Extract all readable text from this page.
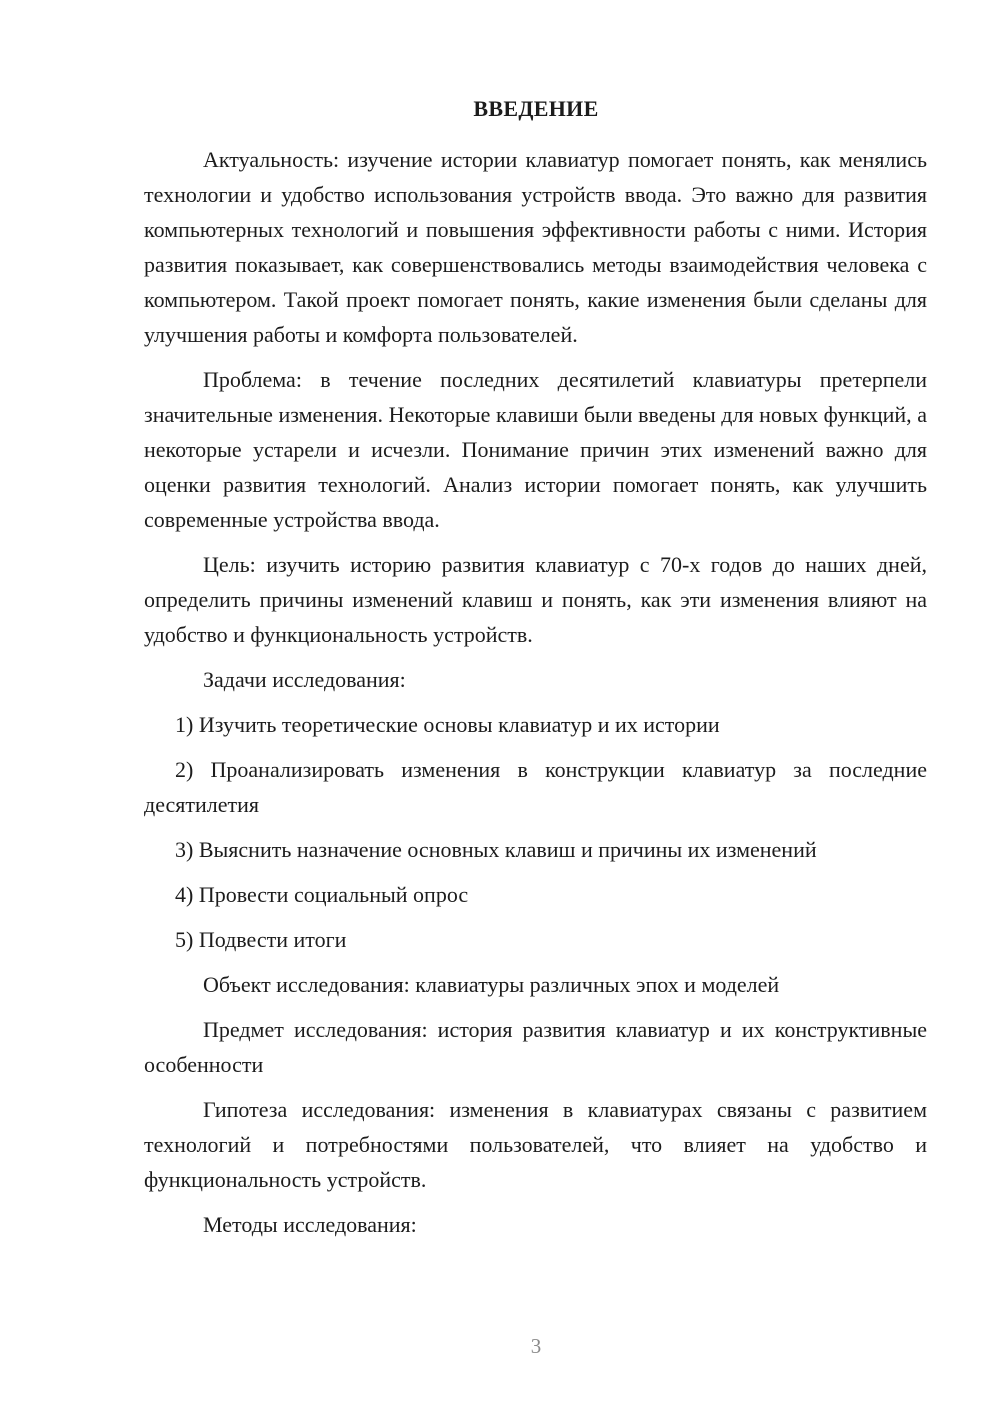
ВВЕДЕНИЕ

Актуальность: изучение истории клавиатур помогает понять, как менялись технологии и удобство использования устройств ввода. Это важно для развития компьютерных технологий и повышения эффективности работы с ними. История развития показывает, как совершенствовались методы взаимодействия человека с компьютером. Такой проект помогает понять, какие изменения были сделаны для улучшения работы и комфорта пользователей.

Проблема: в течение последних десятилетий клавиатуры претерпели значительные изменения. Некоторые клавиши были введены для новых функций, а некоторые устарели и исчезли. Понимание причин этих изменений важно для оценки развития технологий. Анализ истории помогает понять, как улучшить современные устройства ввода.

Цель: изучить историю развития клавиатур с 70-х годов до наших дней, определить причины изменений клавиш и понять, как эти изменения влияют на удобство и функциональность устройств.

Задачи исследования:

1) Изучить теоретические основы клавиатур и их истории

2) Проанализировать изменения в конструкции клавиатур за последние десятилетия

3) Выяснить назначение основных клавиш и причины их изменений

4) Провести социальный опрос

5) Подвести итоги

Объект исследования: клавиатуры различных эпох и моделей

Предмет исследования: история развития клавиатур и их конструктивные особенности

Гипотеза исследования: изменения в клавиатурах связаны с развитием технологий и потребностями пользователей, что влияет на удобство и функциональность устройств.

Методы исследования:

3
